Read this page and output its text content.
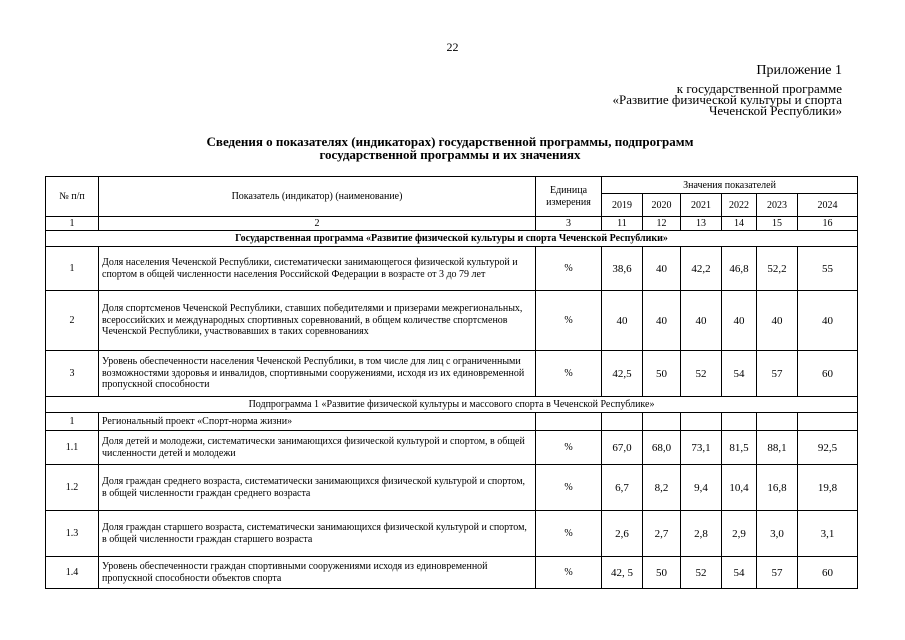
22
Приложение 1
к государственной программе
«Развитие физической культуры и спорта
Чеченской Республики»
Сведения о показателях (индикаторах) государственной программы, подпрограмм
государственной программы и их значениях
№ п/п	Показатель (индикатор) (наименование)	Единица измерения	Значения показателей					
			2019	2020	2021	2022	2023	2024
1	2	3	11	12	13	14	15	16
Государственная программа «Развитие физической культуры и спорта Чеченской Республики»								
1	Доля населения Чеченской Республики, систематически занимающегося физической культурой и спортом в общей численности населения Российской Федерации в возрасте от 3 до 79 лет	%	38,6	40	42,2	46,8	52,2	55
2	Доля спортсменов Чеченской Республики, ставших победителями и призерами межрегиональных, всероссийских и международных спортивных соревнований, в общем количестве спортсменов Чеченской Республики, участвовавших в таких соревнованиях	%	40	40	40	40	40	40
3	Уровень обеспеченности населения Чеченской Республики, в том числе для лиц с ограниченными возможностями здоровья и инвалидов, спортивными сооружениями, исходя из их единовременной пропускной способности	%	42,5	50	52	54	57	60
Подпрограмма 1 «Развитие физической культуры и массового спорта в Чеченской Республике»								
1	Региональный проект «Спорт-норма жизни»							
1.1	Доля детей и молодежи, систематически занимающихся физической культурой и спортом, в общей численности детей и молодежи	%	67,0	68,0	73,1	81,5	88,1	92,5
1.2	Доля граждан среднего возраста, систематически занимающихся физической культурой и спортом, в общей численности граждан среднего возраста	%	6,7	8,2	9,4	10,4	16,8	19,8
1.3	Доля граждан старшего возраста, систематически занимающихся физической культурой и спортом, в общей численности граждан старшего возраста	%	2,6	2,7	2,8	2,9	3,0	3,1
1.4	Уровень обеспеченности граждан спортивными сооружениями исходя из единовременной пропускной способности объектов спорта	%	42, 5	50	52	54	57	60
